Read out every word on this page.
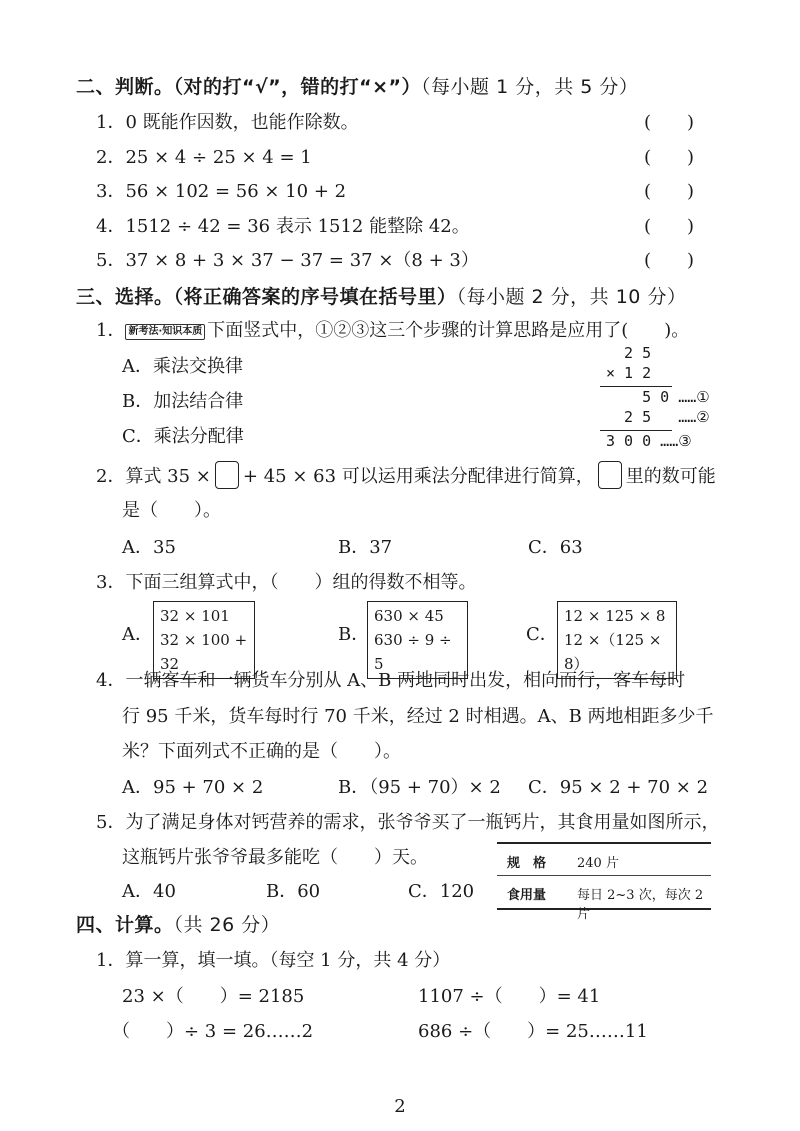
二、判断。（对的打“√”，错的打“×”）（每小题 1 分，共 5 分）
1．0 既能作因数，也能作除数。	(　　)
2．25 × 4 ÷ 25 × 4 = 1	(　　)
3．56 × 102 = 56 × 10 + 2	(　　)
4．1512 ÷ 42 = 36 表示 1512 能整除 42。	(　　)
5．37 × 8 + 3 × 37 − 37 = 37 ×（8 + 3）	(　　)
三、选择。（将正确答案的序号填在括号里）（每小题 2 分，共 10 分）
1． 新考法·知识本质 下面竖式中，①②③这三个步骤的计算思路是应用了(　　)。
A．乘法交换律
B．加法结合律
C．乘法分配律
2 5
× 1 2
5 0 ……①
2 5   ……②
3 0 0 ……③
2．算式 35 × + 45 × 63 可以运用乘法分配律进行简算， 里的数可能
是（　　）。
A．35	B．37	C．63
3．下面三组算式中，（　　）组的得数不相等。
A．
32 × 101
32 × 100 + 32
B．
630 × 45
630 ÷ 9 ÷ 5
C．
12 × 125 × 8
12 ×（125 × 8）
4．一辆客车和一辆货车分别从 A、B 两地同时出发，相向而行，客车每时
行 95 千米，货车每时行 70 千米，经过 2 时相遇。A、B 两地相距多少千
米？下面列式不正确的是（　　）。
A．95 + 70 × 2	B．（95 + 70）× 2 C．95 × 2 + 70 × 2
5．为了满足身体对钙营养的需求，张爷爷买了一瓶钙片，其食用量如图所示，
这瓶钙片张爷爷最多能吃（　　）天。
A．40	B．60	C．120
规　格 240 片
食用量 每日 2~3 次，每次 2 片
四、计算。（共 26 分）
1．算一算，填一填。（每空 1 分，共 4 分）
23 ×（　　）= 2185	1107 ÷（　　）= 41
（　　）÷ 3 = 26……2	686 ÷（　　）= 25……11
2
